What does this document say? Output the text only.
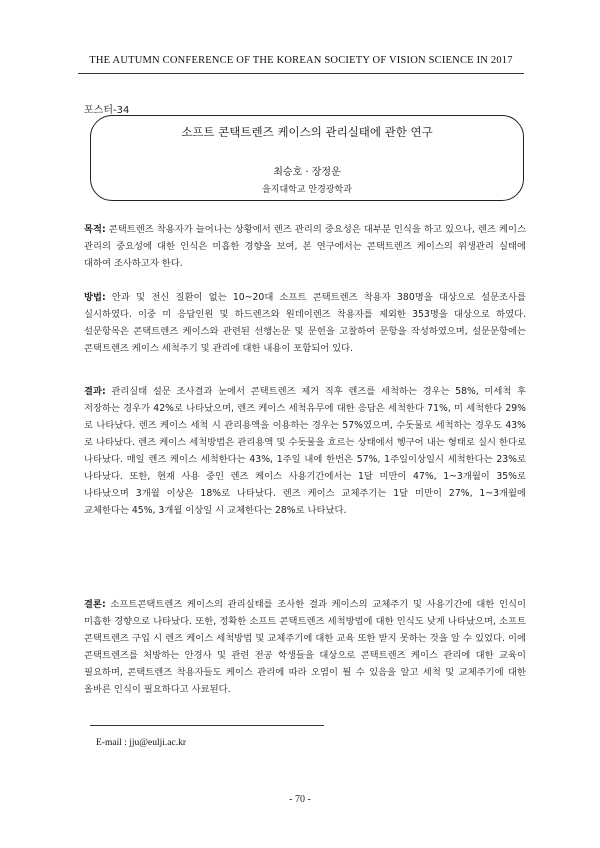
THE AUTUMN CONFERENCE OF THE KOREAN SOCIETY OF VISION SCIENCE IN 2017
포스터-34
소프트 콘택트렌즈 케이스의 관리실태에 관한 연구
최승호 · 장정운
을지대학교 안경광학과
목적: 콘택트렌즈 착용자가 늘어나는 상황에서 렌즈 관리의 중요성은 대부분 인식을 하고 있으나, 렌즈 케이스 관리의 중요성에 대한 인식은 미흡한 경향을 보여, 본 연구에서는 콘택트렌즈 케이스의 위생관리 실태에 대하여 조사하고자 한다.
방법: 안과 및 전신 질환이 없는 10~20대 소프트 콘택트렌즈 착용자 380명을 대상으로 설문조사를 실시하였다. 이중 미 응답인원 및 하드렌즈와 원데이렌즈 착용자를 제외한 353명을 대상으로 하였다. 설문항목은 콘택트렌즈 케이스와 관련된 선행논문 및 문헌을 고찰하여 문항을 작성하였으며, 설문문항에는 콘택트렌즈 케이스 세척주기 및 관리에 대한 내용이 포함되어 있다.
결과: 관리실태 설문 조사결과 눈에서 콘택트렌즈 제거 직후 렌즈를 세척하는 경우는 58%, 미세척 후 저장하는 경우가 42%로 나타났으며, 렌즈 케이스 세척유무에 대한 응답은 세척한다 71%, 미 세척한다 29%로 나타났다. 렌즈 케이스 세척 시 관리용액을 이용하는 경우는 57%였으며, 수돗물로 세척하는 경우도 43%로 나타났다. 렌즈 케이스 세척방법은 관리용액 및 수돗물을 흐르는 상태에서 헹구어 내는 형태로 실시 한다로 나타났다. 매일 렌즈 케이스 세척한다는 43%, 1주일 내에 한번은 57%, 1주일이상일시 세척한다는 23%로 나타났다. 또한, 현재 사용 중인 렌즈 케이스 사용기간에서는 1달 미만이 47%, 1~3개월이 35%로 나타났으며 3개월 이상은 18%로 나타났다. 렌즈 케이스 교체주기는 1달 미만이 27%, 1~3개월에 교체한다는 45%, 3개월 이상일 시 교체한다는 28%로 나타났다.
결론: 소프트콘택트렌즈 케이스의 관리실태를 조사한 결과 케이스의 교체주기 및 사용기간에 대한 인식이 미흡한 경향으로 나타났다. 또한, 정확한 소프트 콘택트렌즈 세척방법에 대한 인식도 낮게 나타났으며, 소프트 콘택트렌즈 구입 시 렌즈 케이스 세척방법 및 교체주기에 대한 교육 또한 받지 못하는 것을 알 수 있었다. 이에 콘택트렌즈를 처방하는 안경사 및 관련 전공 학생들을 대상으로 콘택트렌즈 케이스 관리에 대한 교육이 필요하며, 콘택트렌즈 착용자들도 케이스 관리에 따라 오염이 될 수 있음을 알고 세척 및 교체주기에 대한 올바른 인식이 필요하다고 사료된다.
E-mail : jju@eulji.ac.kr
- 70 -
